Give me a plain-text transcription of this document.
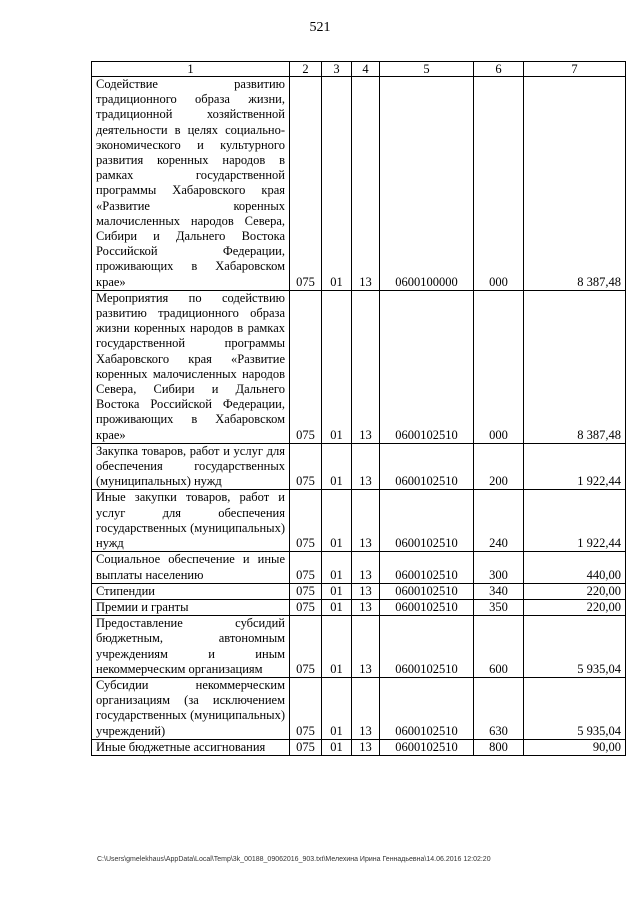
521
1	2	3	4	5	6	7
Содействие развитию традиционного образа жизни, традиционной хозяйственной деятельности в целях социально-экономического и культурного развития коренных народов в рамках государственной программы Хабаровского края «Развитие коренных малочисленных народов Севера, Сибири и Дальнего Востока Российской Федерации, проживающих в Хабаровском крае»	075	01	13	0600100000	000	8 387,48
Мероприятия по содействию развитию традиционного образа жизни коренных народов в рамках государственной программы Хабаровского края «Развитие коренных малочисленных народов Севера, Сибири и Дальнего Востока Российской Федерации, проживающих в Хабаровском крае»	075	01	13	0600102510	000	8 387,48
Закупка товаров, работ и услуг для обеспечения государственных (муниципальных) нужд	075	01	13	0600102510	200	1 922,44
Иные закупки товаров, работ и услуг для обеспечения государственных (муниципальных) нужд	075	01	13	0600102510	240	1 922,44
Социальное обеспечение и иные выплаты населению	075	01	13	0600102510	300	440,00
Стипендии	075	01	13	0600102510	340	220,00
Премии и гранты	075	01	13	0600102510	350	220,00
Предоставление субсидий бюджетным, автономным учреждениям и иным некоммерческим организациям	075	01	13	0600102510	600	5 935,04
Субсидии некоммерческим организациям (за исключением государственных (муниципальных) учреждений)	075	01	13	0600102510	630	5 935,04
Иные бюджетные ассигнования	075	01	13	0600102510	800	90,00
C:\Users\gmelekhaus\AppData\Local\Temp\3k_00188_09062016_903.txt\Мелехина Ирина Геннадьевна\14.06.2016 12:02:20
